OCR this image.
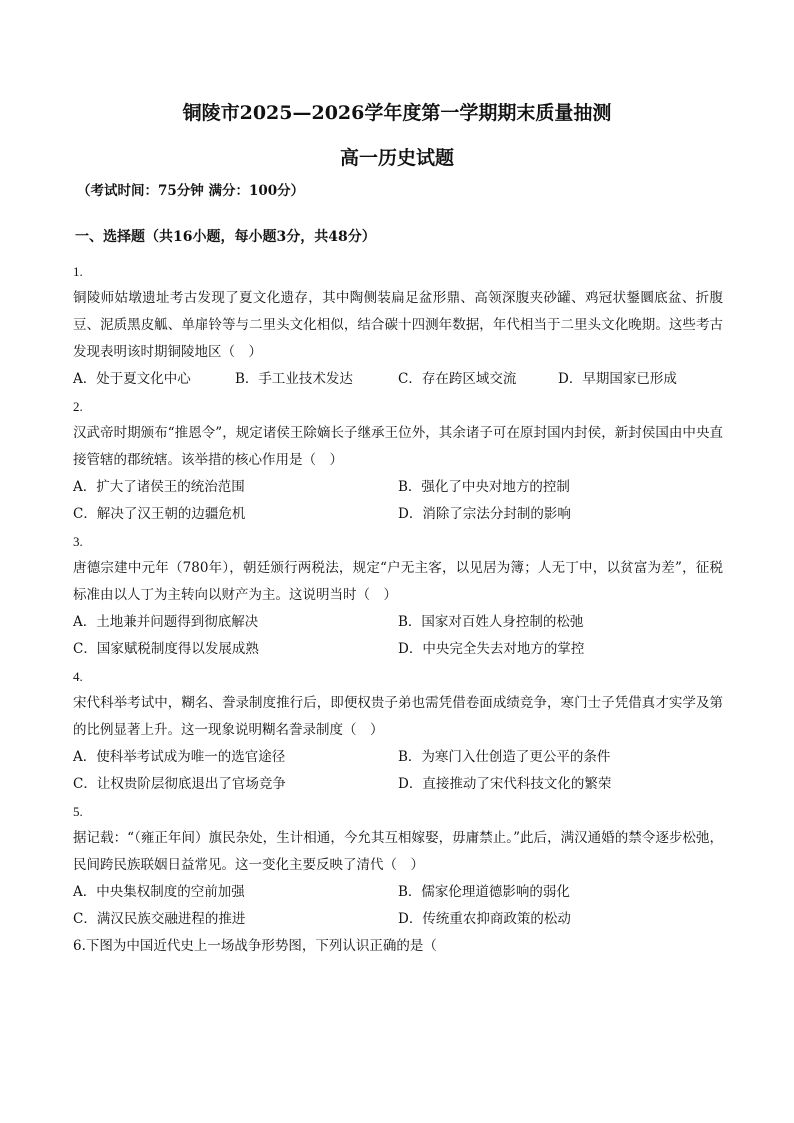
铜陵市2025—2026学年度第一学期期末质量抽测
高一历史试题
（考试时间：75分钟 满分：100分）
一、选择题（共16小题，每小题3分，共48分）
1.
铜陵师姑墩遗址考古发现了夏文化遗存，其中陶侧装扁足盆形鼎、高领深腹夹砂罐、鸡冠状鋬圜底盆、折腹豆、泥质黑皮觚、单扉铃等与二里头文化相似，结合碳十四测年数据，年代相当于二里头文化晚期。这些考古发现表明该时期铜陵地区（　）
A．处于夏文化中心	B．手工业技术发达	C．存在跨区域交流	D．早期国家已形成
2.
汉武帝时期颁布“推恩令”，规定诸侯王除嫡长子继承王位外，其余诸子可在原封国内封侯，新封侯国由中央直接管辖的郡统辖。该举措的核心作用是（　）
A．扩大了诸侯王的统治范围	B．强化了中央对地方的控制
C．解决了汉王朝的边疆危机	D．消除了宗法分封制的影响
3.
唐德宗建中元年（780年），朝廷颁行两税法，规定“户无主客，以见居为簿；人无丁中，以贫富为差”，征税标准由以人丁为主转向以财产为主。这说明当时（　）
A．土地兼并问题得到彻底解决	B．国家对百姓人身控制的松弛
C．国家赋税制度得以发展成熟	D．中央完全失去对地方的掌控
4.
宋代科举考试中，糊名、誊录制度推行后，即便权贵子弟也需凭借卷面成绩竞争，寒门士子凭借真才实学及第的比例显著上升。这一现象说明糊名誊录制度（　）
A．使科举考试成为唯一的选官途径	B．为寒门入仕创造了更公平的条件
C．让权贵阶层彻底退出了官场竞争	D．直接推动了宋代科技文化的繁荣
5.
据记载：“（雍正年间）旗民杂处，生计相通，今允其互相嫁娶，毋庸禁止。”此后，满汉通婚的禁令逐步松弛，民间跨民族联姻日益常见。这一变化主要反映了清代（　）
A．中央集权制度的空前加强	B．儒家伦理道德影响的弱化
C．满汉民族交融进程的推进	D．传统重农抑商政策的松动
6.下图为中国近代史上一场战争形势图，下列认识正确的是（
